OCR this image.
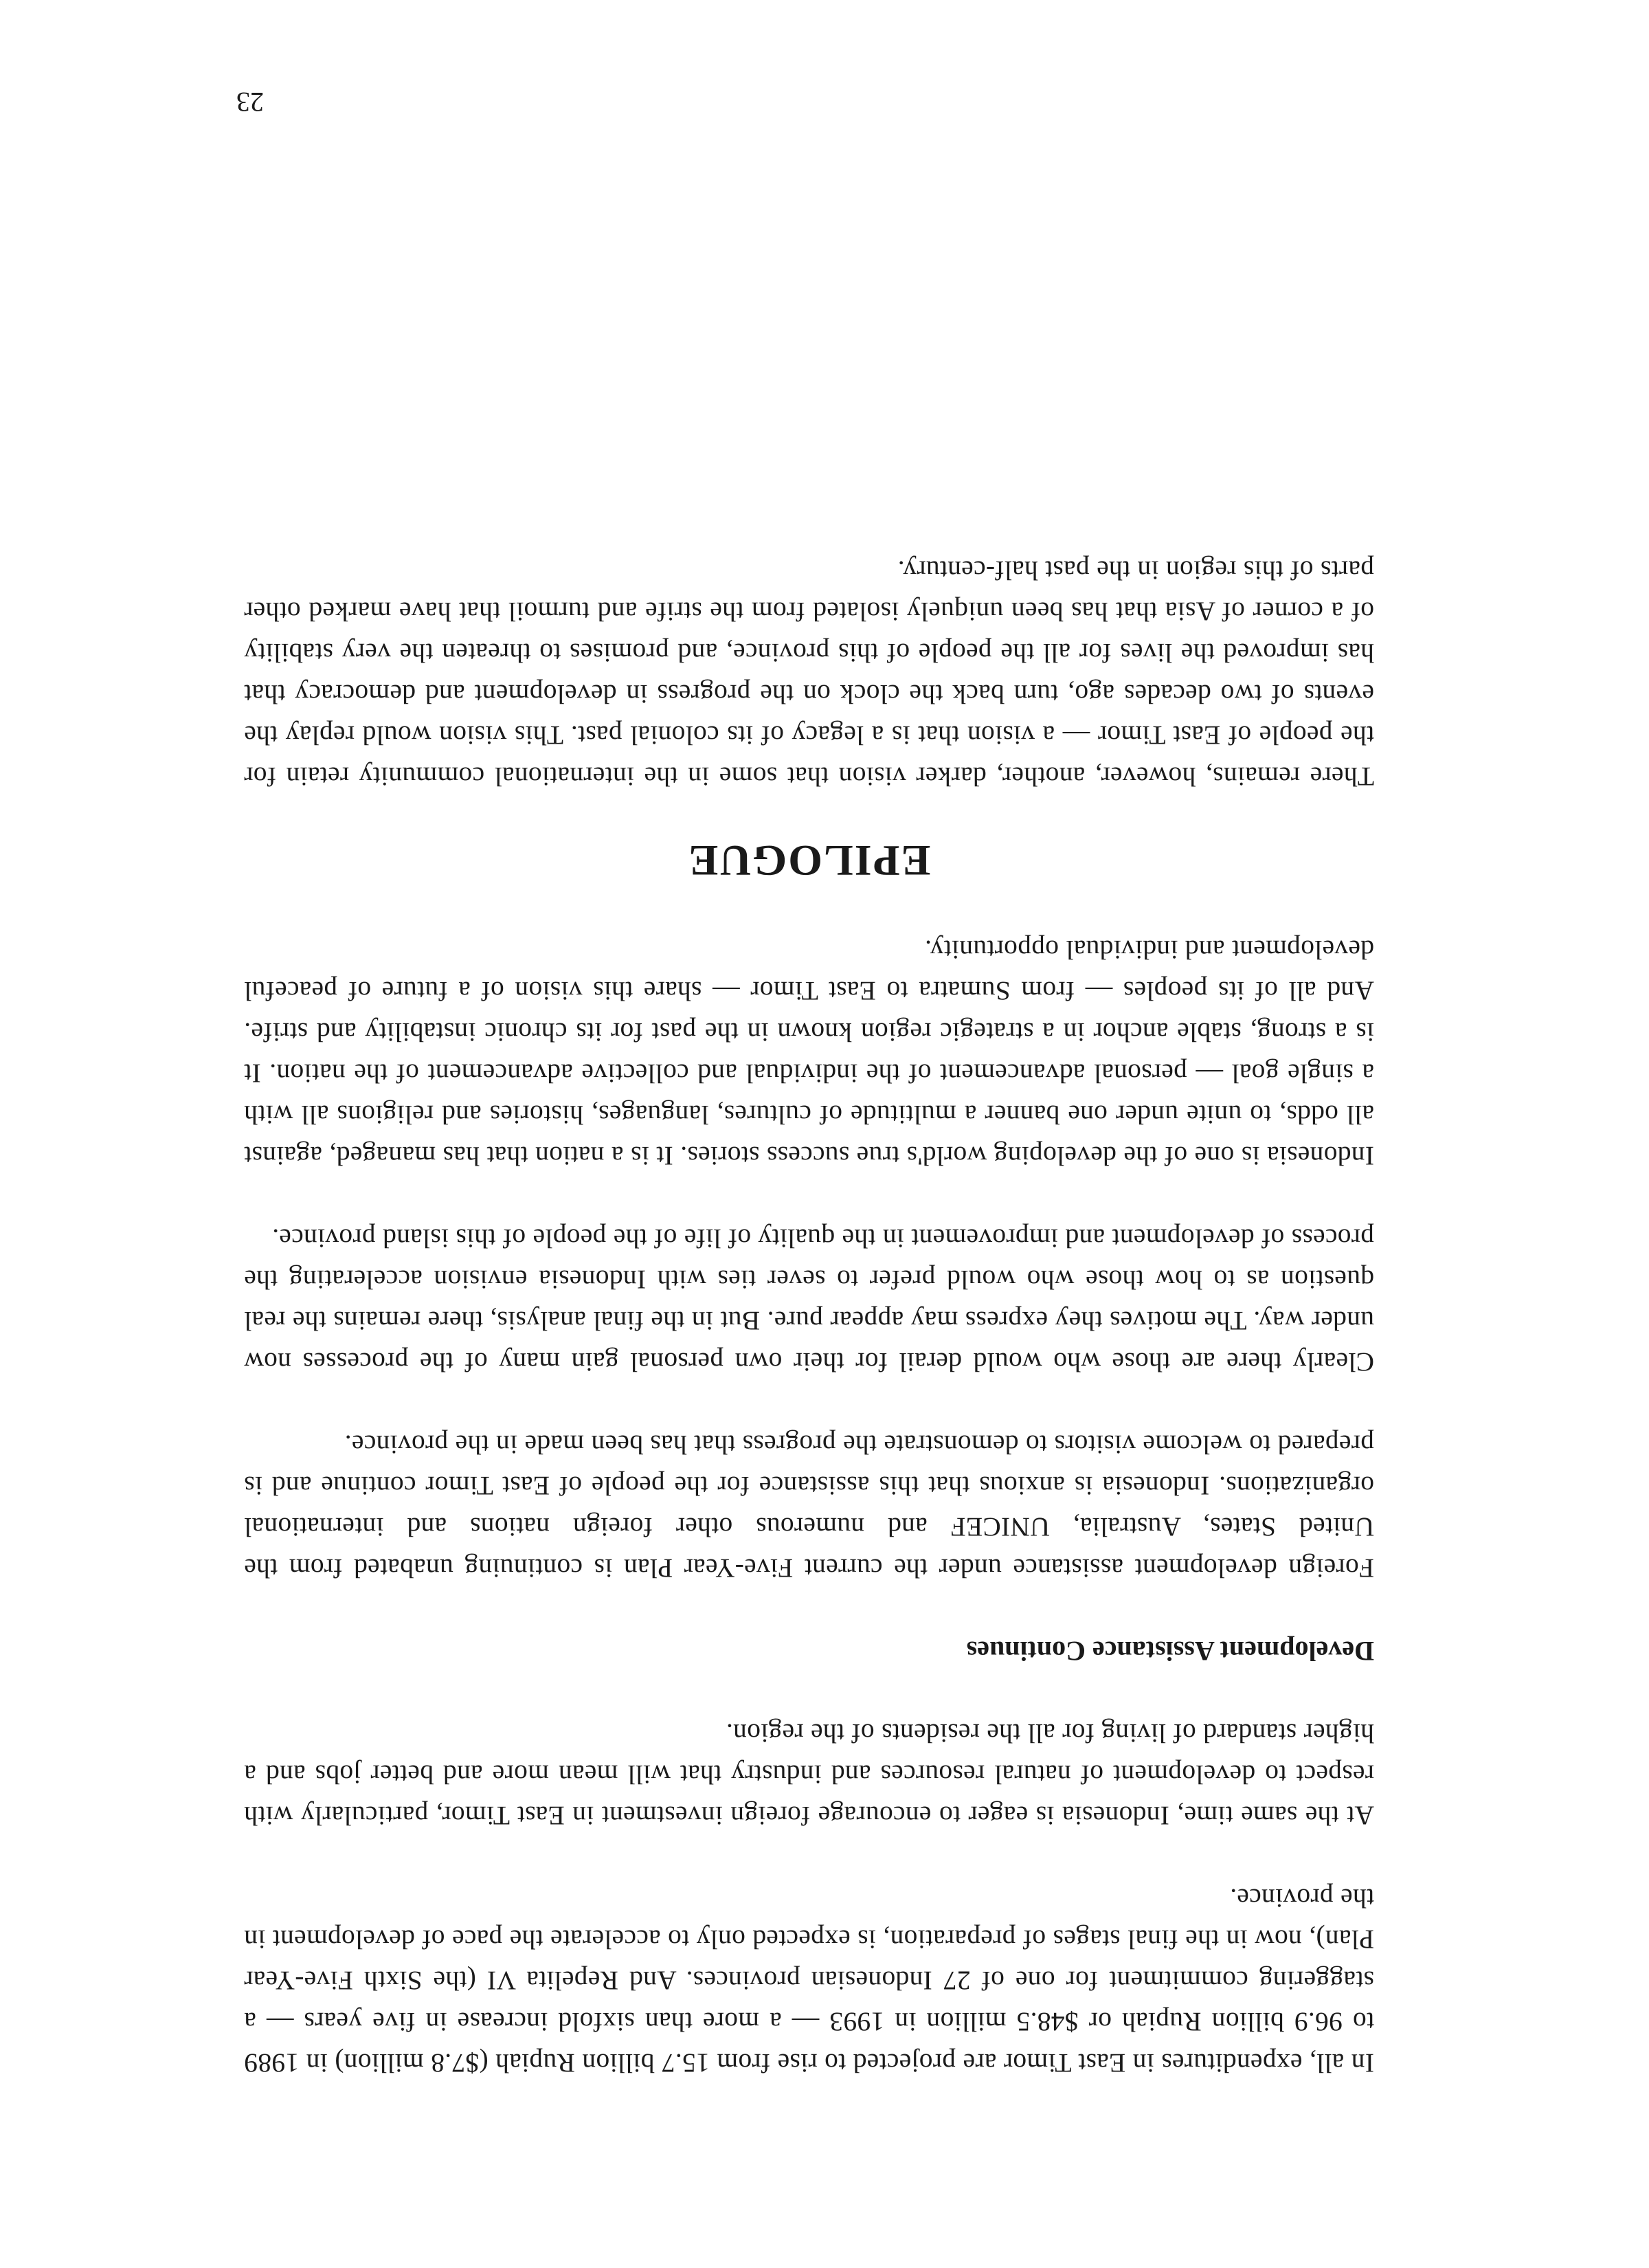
In all, expenditures in East Timor are projected to rise from 15.7 billion Rupiah ($7.8 million) in 1989 to 96.9 billion Rupiah or $48.5 million in 1993 — a more than sixfold increase in five years — a staggering commitment for one of 27 Indonesian provinces. And Repelita VI (the Sixth Five-Year Plan), now in the final stages of preparation, is expected only to accelerate the pace of development in the province.

At the same time, Indonesia is eager to encourage foreign investment in East Timor, particularly with respect to development of natural resources and industry that will mean more and better jobs and a higher standard of living for all the residents of the region.

Development Assistance Continues

Foreign development assistance under the current Five-Year Plan is continuing unabated from the United States, Australia, UNICEF and numerous other foreign nations and international organizations. Indonesia is anxious that this assistance for the people of East Timor continue and is prepared to welcome visitors to demonstrate the progress that has been made in the province.

Clearly there are those who would derail for their own personal gain many of the processes now under way. The motives they express may appear pure. But in the final analysis, there remains the real question as to how those who would prefer to sever ties with Indonesia envision accelerating the process of development and improvement in the quality of life of the people of this island province.

Indonesia is one of the developing world's true success stories. It is a nation that has managed, against all odds, to unite under one banner a multitude of cultures, languages, histories and religions all with a single goal — personal advancement of the individual and collective advancement of the nation. It is a strong, stable anchor in a strategic region known in the past for its chronic instability and strife. And all of its peoples — from Sumatra to East Timor — share this vision of a future of peaceful development and individual opportunity.

EPILOGUE

There remains, however, another, darker vision that some in the international community retain for the people of East Timor — a vision that is a legacy of its colonial past. This vision would replay the events of two decades ago, turn back the clock on the progress in development and democracy that has improved the lives for all the people of this province, and promises to threaten the very stability of a corner of Asia that has been uniquely isolated from the strife and turmoil that have marked other parts of this region in the past half-century.

23
